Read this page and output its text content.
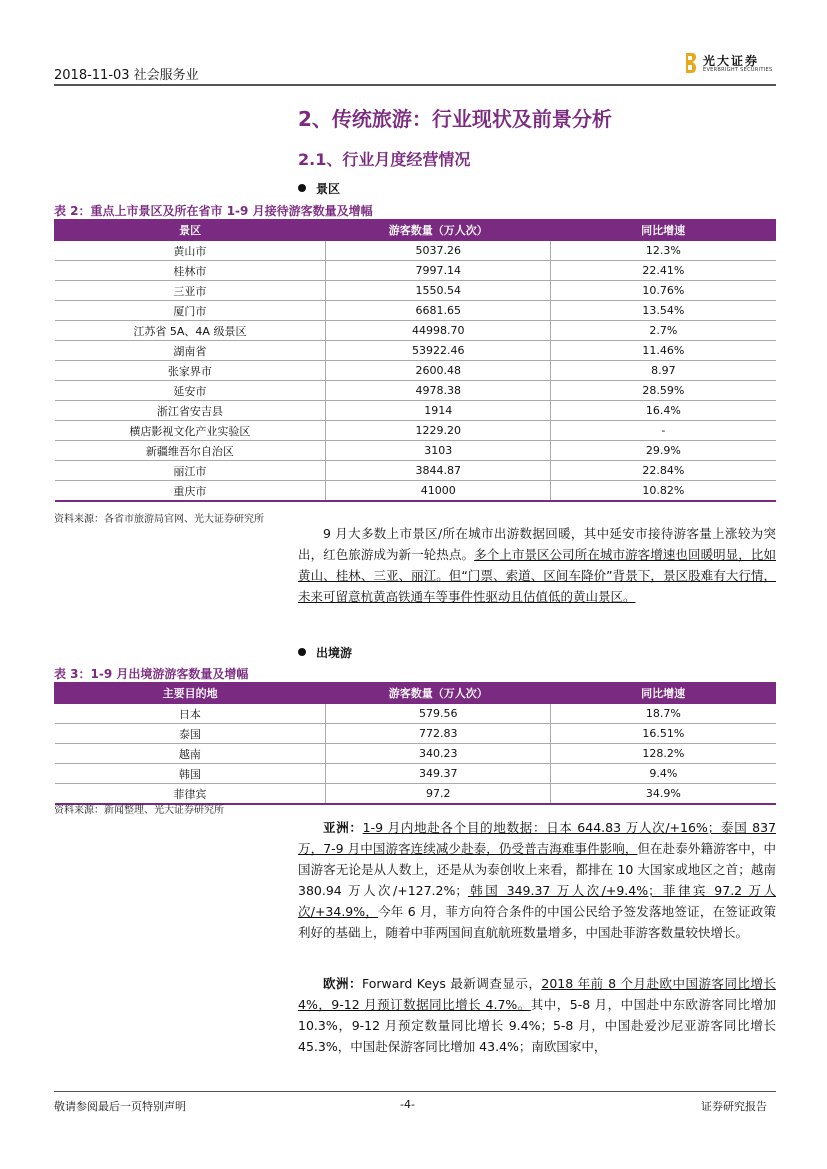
2018-11-03 社会服务业
光大证券
EVERBRIGHT SECURITIES
2、传统旅游：行业现状及前景分析
2.1、行业月度经营情况
景区
表 2：重点上市景区及所在省市 1-9 月接待游客数量及增幅
景区	游客数量（万人次）	同比增速
黄山市	5037.26	12.3%
桂林市	7997.14	22.41%
三亚市	1550.54	10.76%
厦门市	6681.65	13.54%
江苏省 5A、4A 级景区	44998.70	2.7%
湖南省	53922.46	11.46%
张家界市	2600.48	8.97
延安市	4978.38	28.59%
浙江省安吉县	1914	16.4%
横店影视文化产业实验区	1229.20	-
新疆维吾尔自治区	3103	29.9%
丽江市	3844.87	22.84%
重庆市	41000	10.82%
资料来源：各省市旅游局官网、光大证券研究所

9 月大多数上市景区/所在城市出游数据回暖，其中延安市接待游客量上涨较为突出，红色旅游成为新一轮热点。多个上市景区公司所在城市游客增速也回暖明显，比如黄山、桂林、三亚、丽江。但“门票、索道、区间车降价”背景下，景区股难有大行情，未来可留意杭黄高铁通车等事件性驱动且估值低的黄山景区。

出境游
表 3：1-9 月出境游游客数量及增幅
主要目的地	游客数量（万人次）	同比增速
日本	579.56	18.7%
泰国	772.83	16.51%
越南	340.23	128.2%
韩国	349.37	9.4%
菲律宾	97.2	34.9%
资料来源：新闻整理、光大证券研究所

亚洲：1-9 月内地赴各个目的地数据：日本 644.83 万人次/+16%；泰国 837 万，7-9 月中国游客连续减少赴泰，仍受普吉海难事件影响，但在赴泰外籍游客中，中国游客无论是从人数上，还是从为泰创收上来看，都排在 10 大国家或地区之首；越南 380.94 万人次/+127.2%；韩国 349.37 万人次/+9.4%；菲律宾 97.2 万人次/+34.9%，今年 6 月，菲方向符合条件的中国公民给予签发落地签证，在签证政策利好的基础上，随着中菲两国间直航航班数量增多，中国赴菲游客数量较快增长。

欧洲：Forward Keys 最新调查显示，2018 年前 8 个月赴欧中国游客同比增长 4%，9-12 月预订数据同比增长 4.7%。其中，5-8 月，中国赴中东欧游客同比增加 10.3%，9-12 月预定数量同比增长 9.4%；5-8 月，中国赴爱沙尼亚游客同比增长 45.3%，中国赴保游客同比增加 43.4%；南欧国家中，

敬请参阅最后一页特别声明	-4-	证券研究报告
